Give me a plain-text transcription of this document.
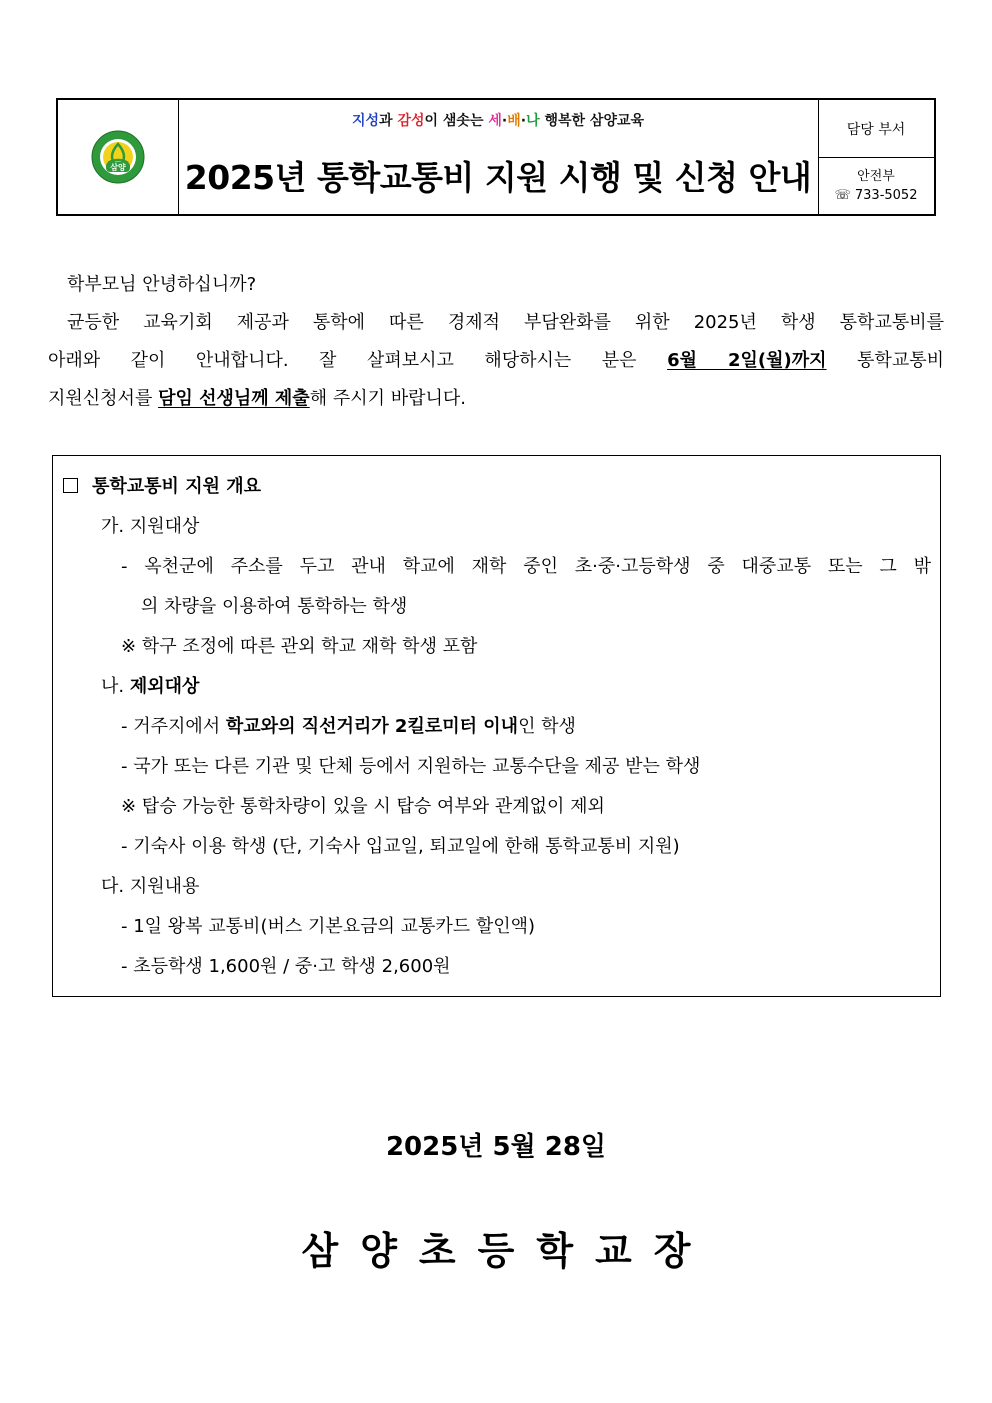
삼양
지성과 감성이 샘솟는 세·배·나 행복한 삼양교육
2025년 통학교통비 지원 시행 및 신청 안내
담당 부서
안전부
☏ 733-5052

학부모님 안녕하십니까?

균등한 교육기회 제공과 통학에 따른 경제적 부담완화를 위한 2025년 학생 통학교통비를

아래와 같이 안내합니다. 잘 살펴보시고 해당하시는 분은 6월 2일(월)까지 통학교통비

지원신청서를 담임 선생님께 제출해 주시기 바랍니다.

통학교통비 지원 개요
가. 지원대상
- 옥천군에 주소를 두고 관내 학교에 재학 중인 초·중·고등학생 중 대중교통 또는 그 밖
의 차량을 이용하여 통학하는 학생
※ 학구 조정에 따른 관외 학교 재학 학생 포함
나. 제외대상
- 거주지에서 학교와의 직선거리가 2킬로미터 이내인 학생
- 국가 또는 다른 기관 및 단체 등에서 지원하는 교통수단을 제공 받는 학생
※ 탑승 가능한 통학차량이 있을 시 탑승 여부와 관계없이 제외
- 기숙사 이용 학생 (단, 기숙사 입교일, 퇴교일에 한해 통학교통비 지원)
다. 지원내용
- 1일 왕복 교통비(버스 기본요금의 교통카드 할인액)
- 초등학생 1,600원 / 중·고 학생 2,600원
2025년 5월 28일
삼양초등학교장
